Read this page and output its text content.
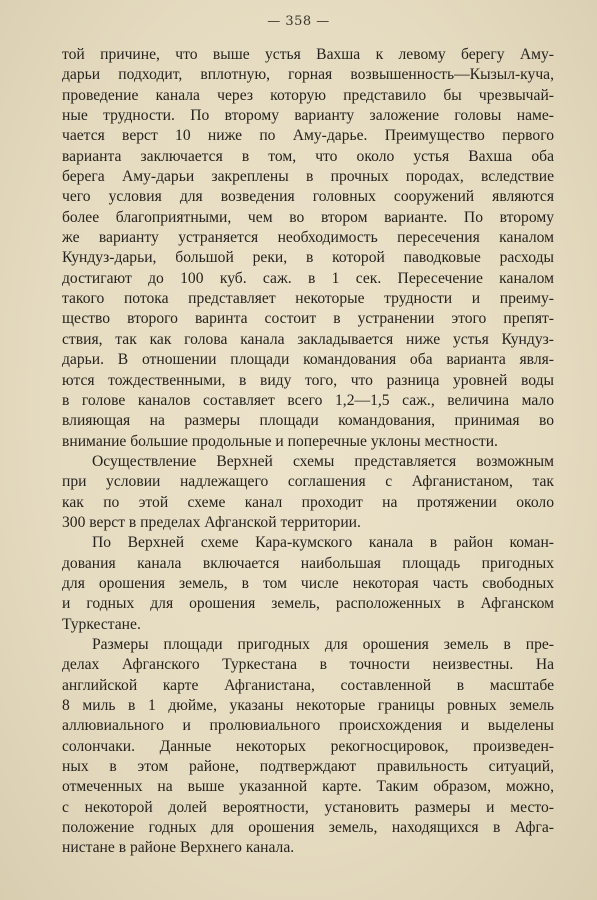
— 358 —
той причине, что выше устья Вахша к левому берегу Аму-
дарьи подходит, вплотную, горная возвышенность—Кызыл-куча,
проведение канала через которую представило бы чрезвычай-
ные трудности. По второму варианту заложение головы наме-
чается верст 10 ниже по Аму-дарье. Преимущество первого
варианта заключается в том, что около устья Вахша оба
берега Аму-дарьи закреплены в прочных породах, вследствие
чего условия для возведения головных сооружений являются
более благоприятными, чем во втором варианте. По второму
же варианту устраняется необходимость пересечения каналом
Кундуз-дарьи, большой реки, в которой паводковые расходы
достигают до 100 куб. саж. в 1 сек. Пересечение каналом
такого потока представляет некоторые трудности и преиму-
щество второго варинта состоит в устранении этого препят-
ствия, так как голова канала закладывается ниже устья Кундуз-
дарьи. В отношении площади командования оба варианта явля-
ются тождественными, в виду того, что разница уровней воды
в голове каналов составляет всего 1,2—1,5 саж., величина мало
влияющая на размеры площади командования, принимая во
внимание большие продольные и поперечные уклоны местности.
Осуществление Верхней схемы представляется возможным
при условии надлежащего соглашения с Афганистаном, так
как по этой схеме канал проходит на протяжении около
300 верст в пределах Афганской территории.
По Верхней схеме Кара-кумского канала в район коман-
дования канала включается наибольшая площадь пригодных
для орошения земель, в том числе некоторая часть свободных
и годных для орошения земель, расположенных в Афганском
Туркестане.
Размеры площади пригодных для орошения земель в пре-
делах Афганского Туркестана в точности неизвестны. На
английской карте Афганистана, составленной в масштабе
8 миль в 1 дюйме, указаны некоторые границы ровных земель
аллювиального и пролювиального происхождения и выделены
солончаки. Данные некоторых рекогносцировок, произведен-
ных в этом районе, подтверждают правильность ситуаций,
отмеченных на выше указанной карте. Таким образом, можно,
с некоторой долей вероятности, установить размеры и место-
положение годных для орошения земель, находящихся в Афга-
нистане в районе Верхнего канала.
